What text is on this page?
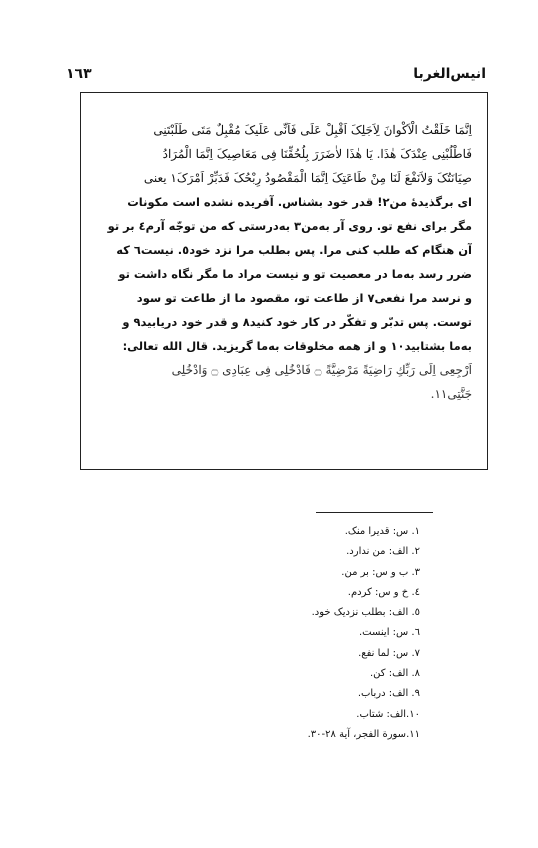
١٦٣	انیس‌الغربا
اِنَّمَا خَلَقْتُ الْاَکْوانَ لِاَجَلِکَ اَقْبِلْ عَلَى فَاَنِّی عَلَیکَ مُقْبِلٌ مَتَى طَلَبْتَنِی
فَاطْلُبْنِی عِنْدَکَ هٰذَا. یَا هٰذَا لاٰضَرَرَ بِلُحُقِّنَا فِی مَعَاصِیکَ اِنَّمَا الْمُرَادُ
صِیَانَتُکَ وَلاَنَفْعَ لَنَا مِنْ طَاعَتِکَ اِنَّمَا الْمَقْصُودُ رِبْحُکَ فَدَبِّرْ اَمْرَکَ١ یعنی
ای برگذیدهٔ من٢! قدر خود بشناس. آفریده نشده است مکونات
مگر برای نفع تو. روی آر به‌من٣ به‌درستی که من توجّه آرم٤ بر تو
آن هنگام که طلب کنی مرا. پس بطلب مرا نزد خود٥. نیست٦ که
ضرر رسد به‌ما در معصیت تو و نیست مراد ما مگر نگاه داشت تو
و نرسد مرا نفعی٧ از طاعت تو، مقصود ما از طاعت تو سود
توست. پس تدبّر و تفکّر در کار خود کنید٨ و قدر خود دریابید٩ و
به‌ما بشتابید١٠ و از همه مخلوقات به‌ما گریزید. قال الله تعالی:
اَرْجِعِى اِلَى رَبِّكِ رَاضِيَةً مَرْضِيَّةً ۝ فَادْخُلِى فِى عِبَادِى ۝ وَادْخُلِى
جَنَّتِى١١.
١. س: قدیرا منک.
٢. الف: من ندارد.
٣. ب و س: بر من.
٤. خ و س: کردم.
٥. الف: بطلب نزدیک خود.
٦. س: اینست.
٧. س: لما نفع.
٨. الف: کن.
٩. الف: درباب.
١٠.الف: شتاب.
١١.سورة الفجر، آیة ٢٨-٣٠.
